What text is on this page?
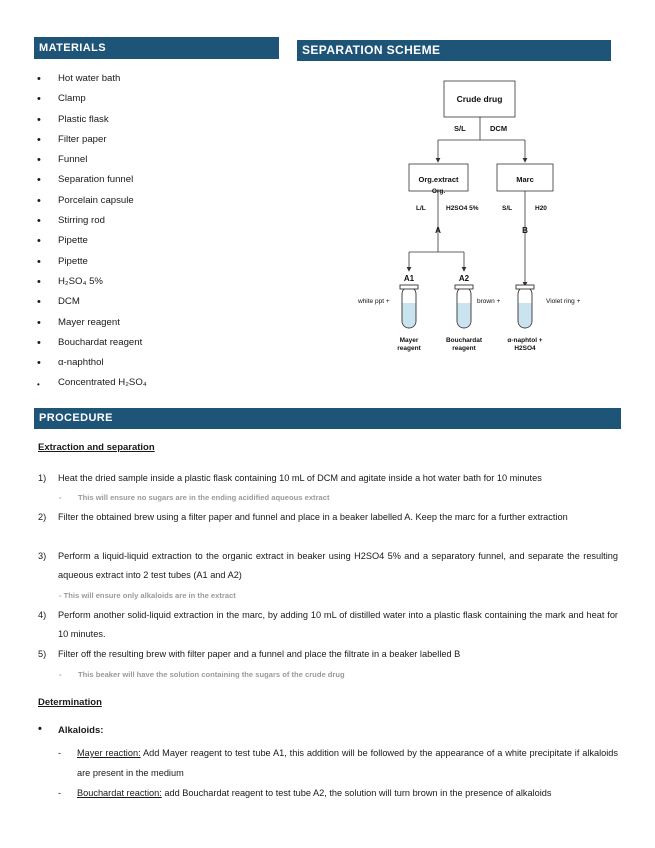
MATERIALS
• Hot water bath
• Clamp
• Plastic flask
• Filter paper
• Funnel
• Separation funnel
• Porcelain capsule
• Stirring rod
• Pipette
• Pipette
• H₂SO₄ 5%
• DCM
• Mayer reagent
• Bouchardat reagent
• α-naphthol
• Concentrated H₂SO₄
SEPARATION SCHEME
Crude drug
S/L	DCM
Org.extract
Org.
Marc
L/L	H2SO4 5%	S/L	H20
A	B
A1	A2
white ppt +	brown +	Violet ring +
Mayer
reagent
Bouchardat
reagent
α-naphtol +
H2SO4
PROCEDURE
Extraction and separation
1) Heat the dried sample inside a plastic flask containing 10 mL of DCM and agitate inside a hot water bath for 10 minutes
- This will ensure no sugars are in the ending acidified aqueous extract
2) Filter the obtained brew using a filter paper and funnel and place in a beaker labelled A. Keep the marc for a further extraction
3) Perform a liquid-liquid extraction to the organic extract in beaker using H2SO4 5% and a separatory funnel, and separate the resulting aqueous extract into 2 test tubes (A1 and A2)
- This will ensure only alkaloids are in the extract
4) Perform another solid-liquid extraction in the marc, by adding 10 mL of distilled water into a plastic flask containing the mark and heat for 10 minutes.
5) Filter off the resulting brew with filter paper and a funnel and place the filtrate in a beaker labelled B
- This beaker will have the solution containing the sugars of the crude drug
Determination
• Alkaloids:
- Mayer reaction: Add Mayer reagent to test tube A1, this addition will be followed by the appearance of a white precipitate if alkaloids are present in the medium
- Bouchardat reaction: add Bouchardat reagent to test tube A2, the solution will turn brown in the presence of alkaloids
